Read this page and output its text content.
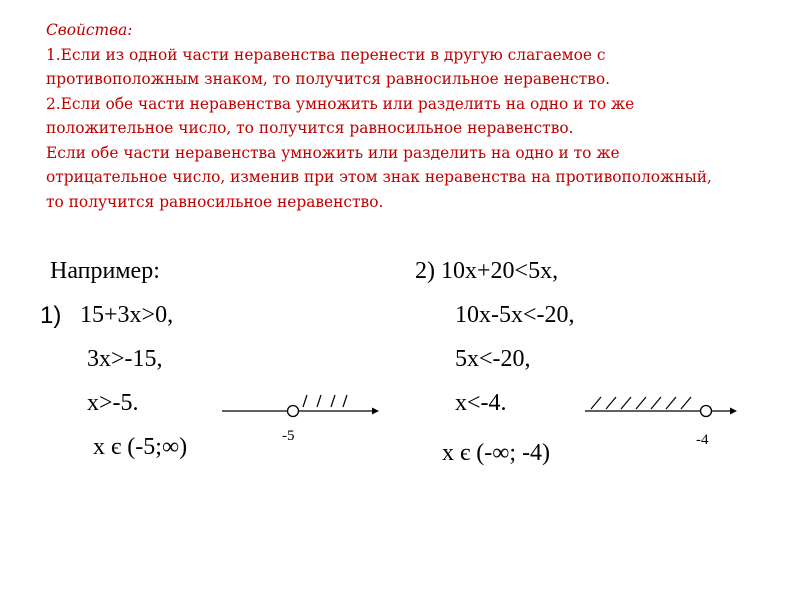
Свойства:
1.Если из одной части неравенства перенести в другую слагаемое с
противоположным знаком, то получится равносильное неравенство.
2.Если обе части неравенства умножить или разделить на одно и то же
положительное число, то получится равносильное неравенство.
Если обе части неравенства умножить или разделить на одно и то же
отрицательное число, изменив при этом знак неравенства на противоположный,
то получится равносильное неравенство.
Например:
1) 15+3x>0,
3x>-15,
x>-5.
x є (-5;∞)	-5
2) 10x+20<5x,
10x-5x<-20,
5x<-20,
x<-4.
x є (-∞; -4)	-4
